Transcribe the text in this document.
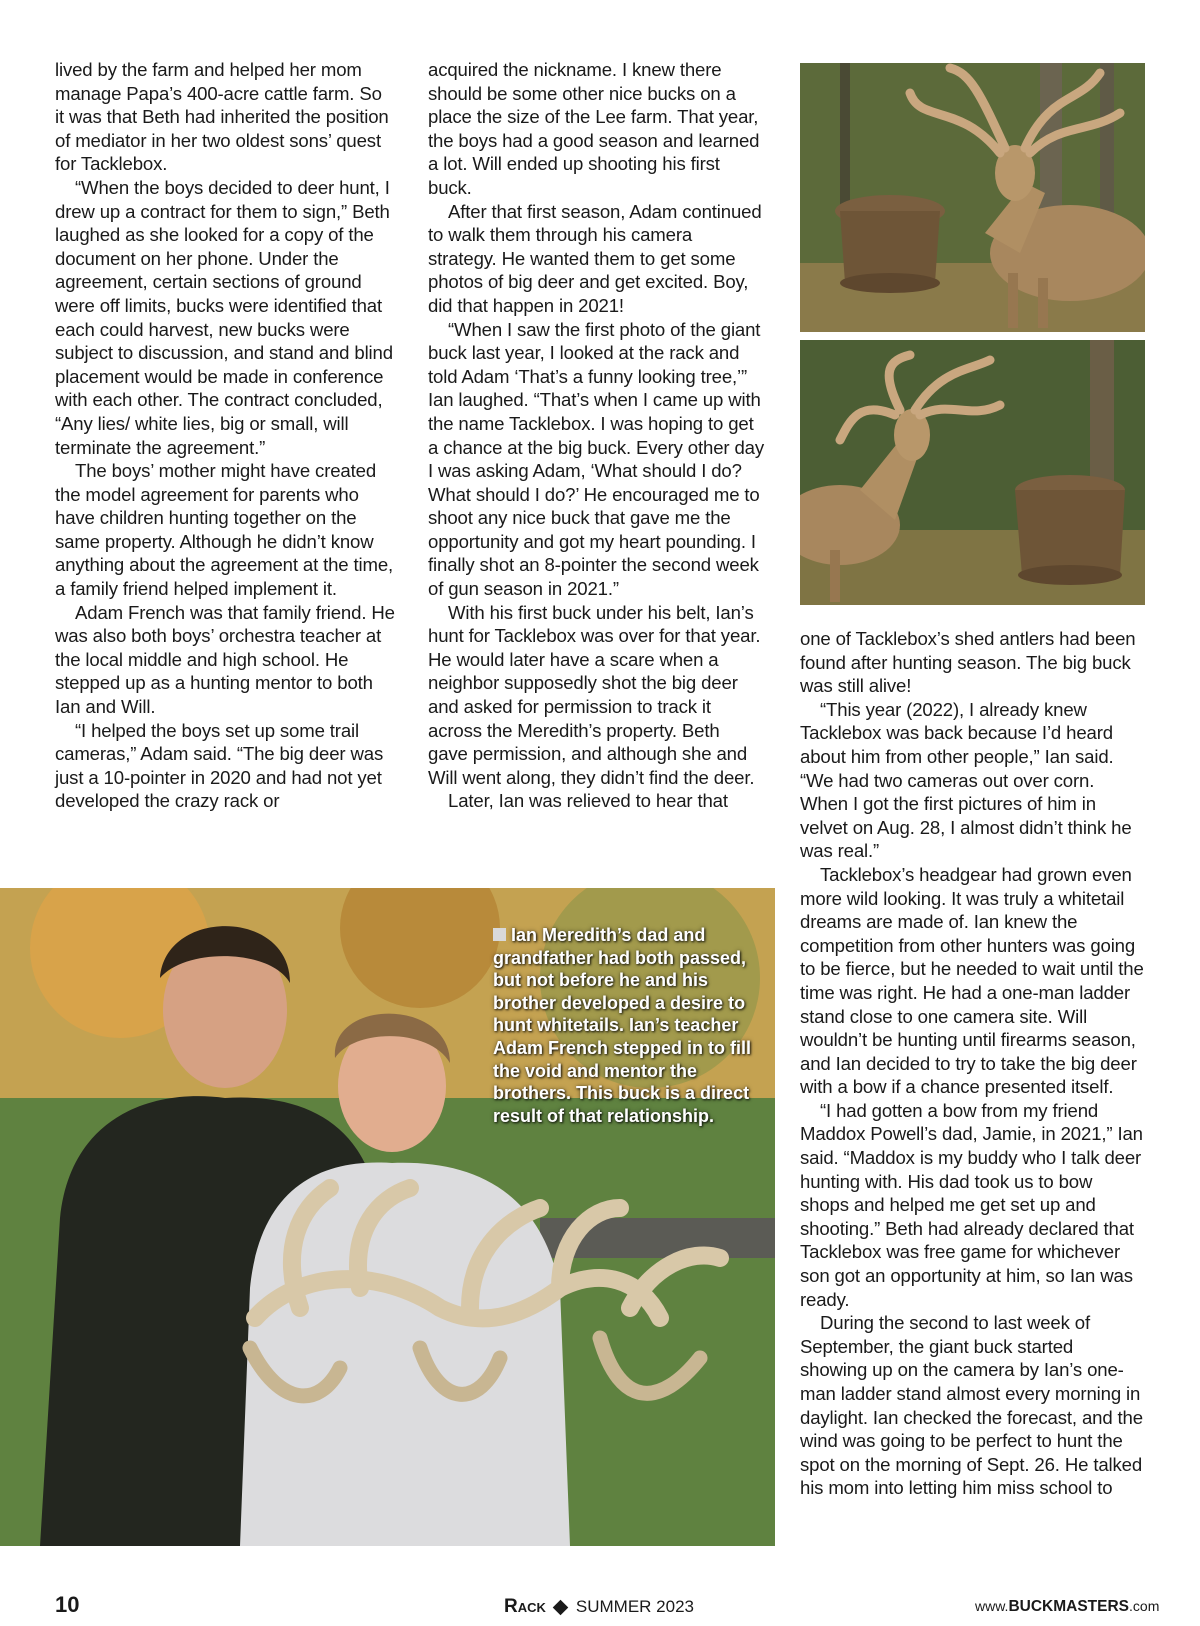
lived by the farm and helped her mom manage Papa’s 400-acre cattle farm. So it was that Beth had inherited the position of mediator in her two oldest sons’ quest for Tacklebox.

“When the boys decided to deer hunt, I drew up a contract for them to sign,” Beth laughed as she looked for a copy of the document on her phone. Under the agreement, certain sections of ground were off limits, bucks were identified that each could harvest, new bucks were subject to discussion, and stand and blind placement would be made in conference with each other. The contract concluded, “Any lies/ white lies, big or small, will terminate the agreement.”

The boys’ mother might have created the model agreement for parents who have children hunting together on the same property. Although he didn’t know anything about the agreement at the time, a family friend helped implement it.

Adam French was that family friend. He was also both boys’ orchestra teacher at the local middle and high school. He stepped up as a hunting mentor to both Ian and Will.

“I helped the boys set up some trail cameras,” Adam said. “The big deer was just a 10-pointer in 2020 and had not yet developed the crazy rack or

acquired the nickname. I knew there should be some other nice bucks on a place the size of the Lee farm. That year, the boys had a good season and learned a lot. Will ended up shooting his first buck.

After that first season, Adam continued to walk them through his camera strategy. He wanted them to get some photos of big deer and get excited. Boy, did that happen in 2021!

“When I saw the first photo of the giant buck last year, I looked at the rack and told Adam ‘That’s a funny looking tree,’” Ian laughed. “That’s when I came up with the name Tacklebox. I was hoping to get a chance at the big buck. Every other day I was asking Adam, ‘What should I do? What should I do?’ He encouraged me to shoot any nice buck that gave me the opportunity and got my heart pounding. I finally shot an 8-pointer the second week of gun season in 2021.”

With his first buck under his belt, Ian’s hunt for Tacklebox was over for that year. He would later have a scare when a neighbor supposedly shot the big deer and asked for permission to track it across the Meredith’s property. Beth gave permission, and although she and Will went along, they didn’t find the deer.

Later, Ian was relieved to hear that

one of Tacklebox’s shed antlers had been found after hunting season. The big buck was still alive!

“This year (2022), I already knew Tacklebox was back because I’d heard about him from other people,” Ian said. “We had two cameras out over corn. When I got the first pictures of him in velvet on Aug. 28, I almost didn’t think he was real.”

Tacklebox’s headgear had grown even more wild looking. It was truly a whitetail dreams are made of. Ian knew the competition from other hunters was going to be fierce, but he needed to wait until the time was right. He had a one-man ladder stand close to one camera site. Will wouldn’t be hunting until firearms season, and Ian decided to try to take the big deer with a bow if a chance presented itself.

“I had gotten a bow from my friend Maddox Powell’s dad, Jamie, in 2021,” Ian said. “Maddox is my buddy who I talk deer hunting with. His dad took us to bow shops and helped me get set up and shooting.” Beth had already declared that Tacklebox was free game for whichever son got an opportunity at him, so Ian was ready.

During the second to last week of September, the giant buck started showing up on the camera by Ian’s one-man ladder stand almost every morning in daylight. Ian checked the forecast, and the wind was going to be perfect to hunt the spot on the morning of Sept. 26. He talked his mom into letting him miss school to

Ian Meredith’s dad and grandfather had both passed, but not before he and his brother developed a desire to hunt whitetails. Ian’s teacher Adam French stepped in to fill the void and mentor the brothers. This buck is a direct result of that relationship.
10	Rack SUMMER 2023	www.BUCKMASTERS.com
